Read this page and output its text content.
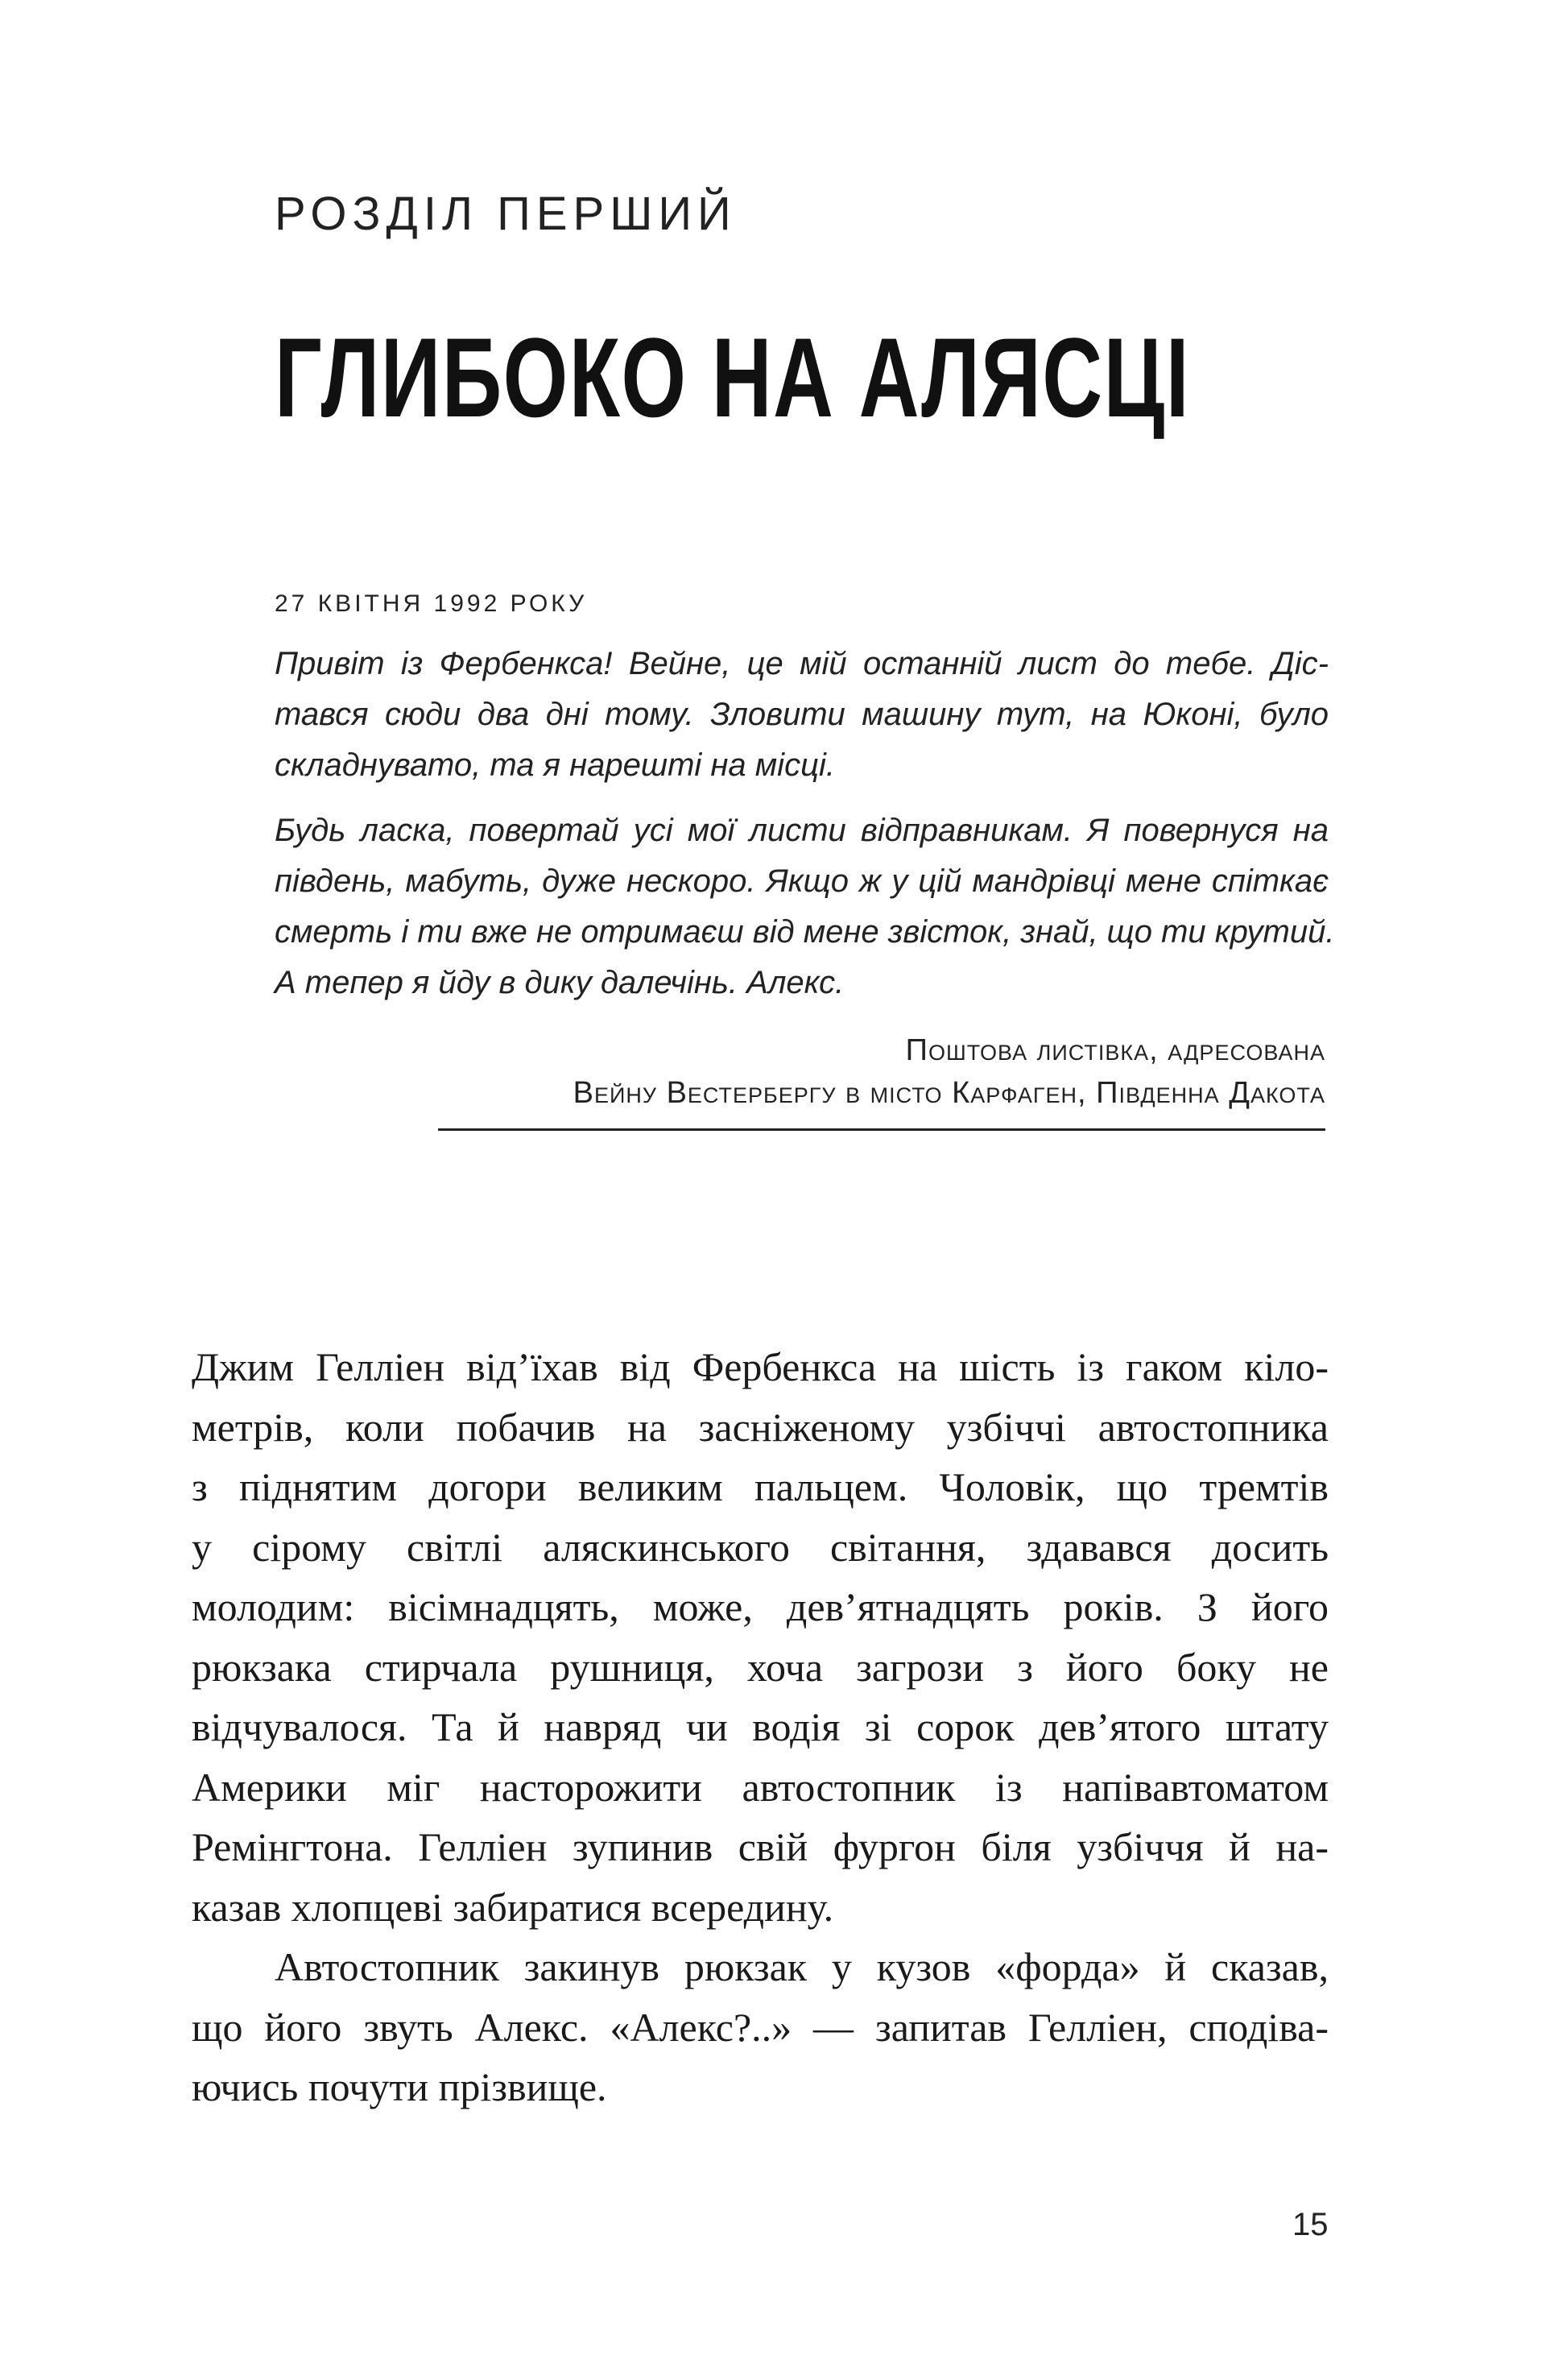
РОЗДІЛ ПЕРШИЙ
ГЛИБОКО НА АЛЯСЦІ
27 КВІТНЯ 1992 РОКУ
Привіт із Фербенкса! Вейне, це мій останній лист до тебе. Діс-
тався сюди два дні тому. Зловити машину тут, на Юконі, було
складнувато, та я нарешті на місці.
Будь ласка, повертай усі мої листи відправникам. Я повернуся на
південь, мабуть, дуже нескоро. Якщо ж у цій мандрівці мене спіткає
смерть і ти вже не отримаєш від мене звісток, знай, що ти крутий.
А тепер я йду в дику далечінь. Алекс.
Поштова листівка, адресована
Вейну Вестербергу в місто Карфаген, Південна Дакота
Джим Гелліен від’їхав від Фербенкса на шість із гаком кіло-
метрів, коли побачив на засніженому узбіччі автостопника
з піднятим догори великим пальцем. Чоловік, що тремтів
у сірому світлі аляскинського світання, здавався досить
молодим: вісімнадцять, може, дев’ятнадцять років. З його
рюкзака стирчала рушниця, хоча загрози з його боку не
відчувалося. Та й навряд чи водія зі сорок дев’ятого штату
Америки міг насторожити автостопник із напівавтоматом
Ремінгтона. Гелліен зупинив свій фургон біля узбіччя й на-
казав хлопцеві забиратися всередину.
Автостопник закинув рюкзак у кузов «форда» й сказав,
що його звуть Алекс. «Алекс?..» — запитав Гелліен, сподіва-
ючись почути прізвище.
15
